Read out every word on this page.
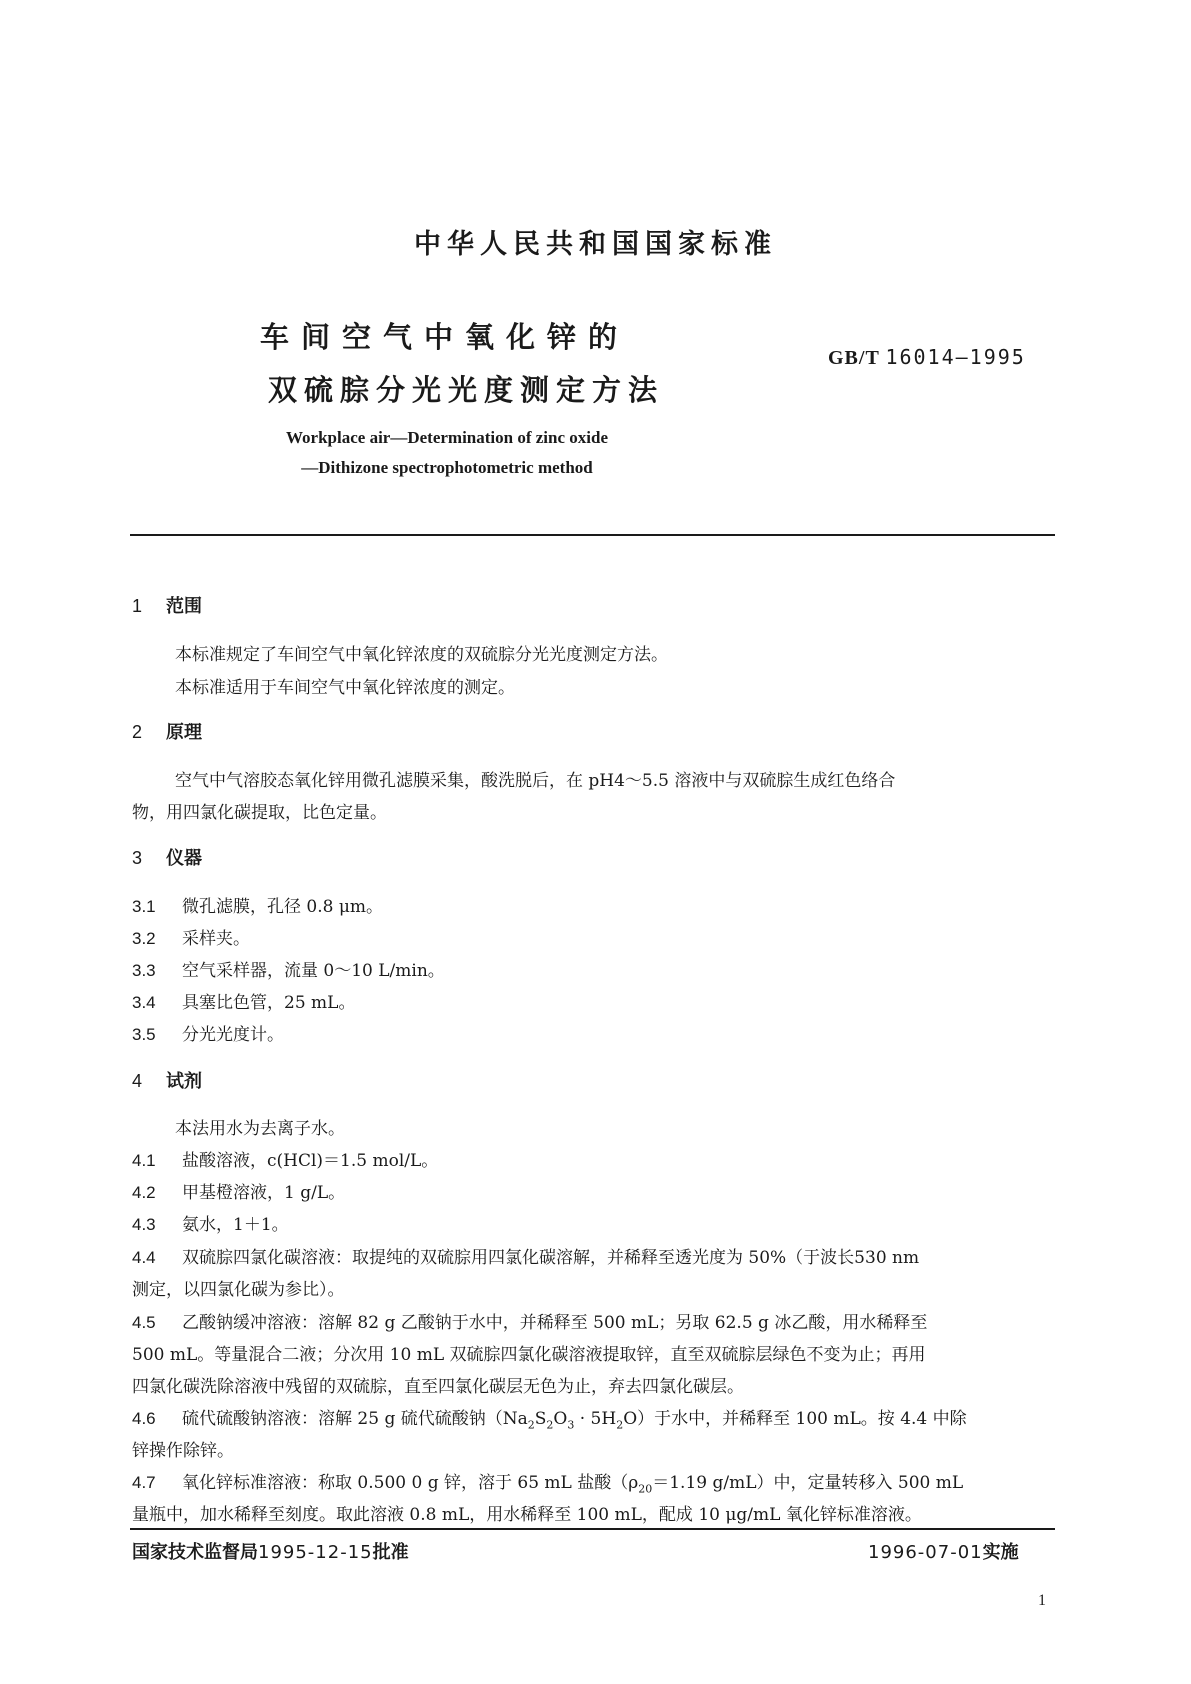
中华人民共和国国家标准
车间空气中氧化锌的
双硫腙分光光度测定方法
GB/T 16014—1995
Workplace air—Determination of zinc oxide
—Dithizone spectrophotometric method
1 范围
本标准规定了车间空气中氧化锌浓度的双硫腙分光光度测定方法。
本标准适用于车间空气中氧化锌浓度的测定。
2 原理
空气中气溶胶态氧化锌用微孔滤膜采集，酸洗脱后，在 pH4～5.5 溶液中与双硫腙生成红色络合
物，用四氯化碳提取，比色定量。
3 仪器
3.1 微孔滤膜，孔径 0.8 μm。
3.2 采样夹。
3.3 空气采样器，流量 0～10 L/min。
3.4 具塞比色管，25 mL。
3.5 分光光度计。
4 试剂
本法用水为去离子水。
4.1 盐酸溶液，c(HCl)＝1.5 mol/L。
4.2 甲基橙溶液，1 g/L。
4.3 氨水，1＋1。
4.4 双硫腙四氯化碳溶液：取提纯的双硫腙用四氯化碳溶解，并稀释至透光度为 50%（于波长530 nm
测定，以四氯化碳为参比）。
4.5 乙酸钠缓冲溶液：溶解 82 g 乙酸钠于水中，并稀释至 500 mL；另取 62.5 g 冰乙酸，用水稀释至
500 mL。等量混合二液；分次用 10 mL 双硫腙四氯化碳溶液提取锌，直至双硫腙层绿色不变为止；再用
四氯化碳洗除溶液中残留的双硫腙，直至四氯化碳层无色为止，弃去四氯化碳层。
4.6 硫代硫酸钠溶液：溶解 25 g 硫代硫酸钠$(Na_2S_2O_3 \cdot 5H_2O)$于水中，并稀释至 100 mL。按 4.4 中除
锌操作除锌。
4.7 氧化锌标准溶液：称取 0.500 0 g 锌，溶于 65 mL 盐酸（$\rho_{20}=1.19$ g/mL）中，定量转移入 500 mL
量瓶中，加水稀释至刻度。取此溶液 0.8 mL，用水稀释至 100 mL，配成 10 μg/mL 氧化锌标准溶液。
国家技术监督局1995-12-15批准	1996-07-01实施
1
